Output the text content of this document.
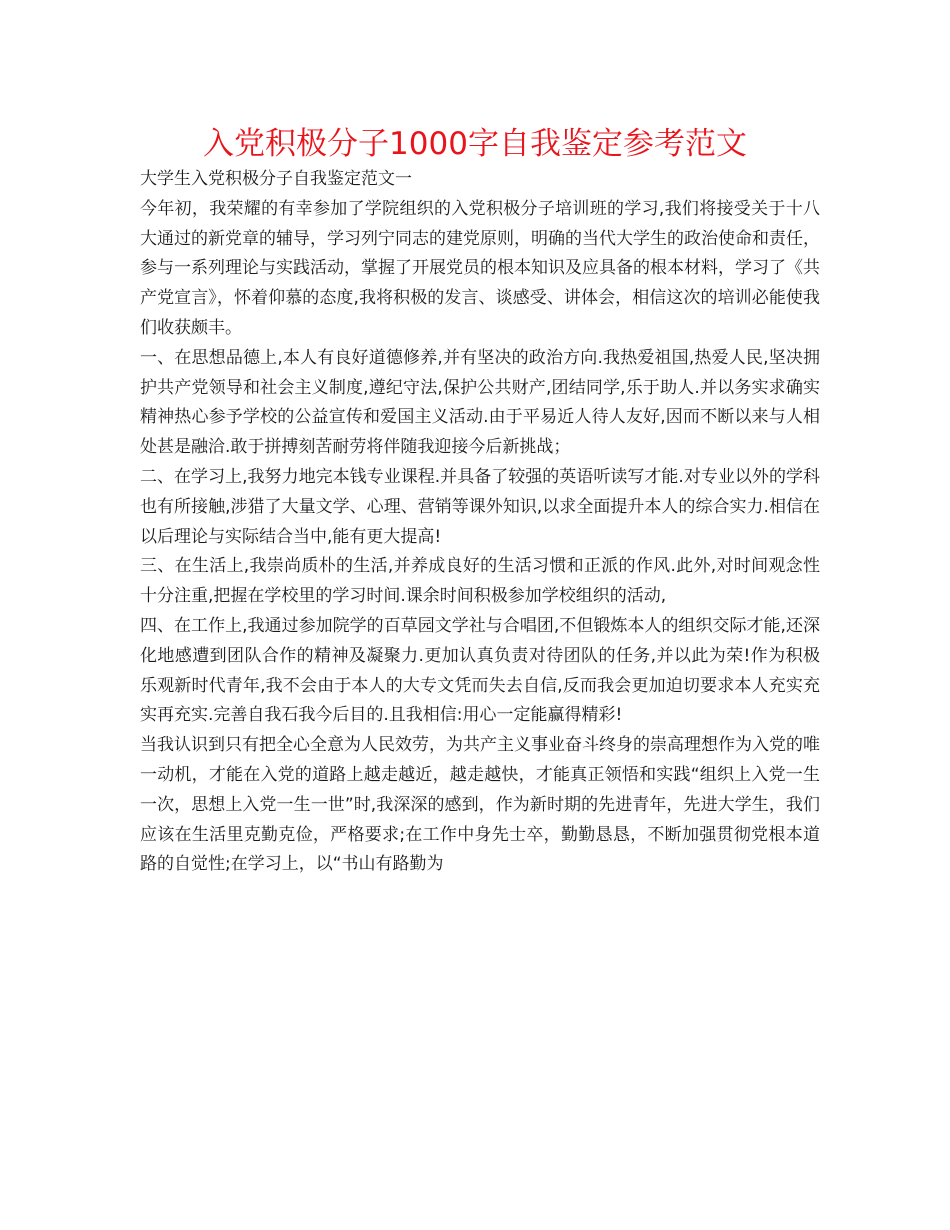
入党积极分子1000字自我鉴定参考范文

大学生入党积极分子自我鉴定范文一

今年初，我荣耀的有幸参加了学院组织的入党积极分子培训班的学习,我们将接受关于十八大通过的新党章的辅导，学习列宁同志的建党原则，明确的当代大学生的政治使命和责任，参与一系列理论与实践活动，掌握了开展党员的根本知识及应具备的根本材料，学习了《共产党宣言》，怀着仰慕的态度,我将积极的发言、谈感受、讲体会，相信这次的培训必能使我们收获颇丰。

一、在思想品德上,本人有良好道德修养,并有坚决的政治方向.我热爱祖国,热爱人民,坚决拥护共产党领导和社会主义制度,遵纪守法,保护公共财产,团结同学,乐于助人.并以务实求确实精神热心参予学校的公益宣传和爱国主义活动.由于平易近人待人友好,因而不断以来与人相处甚是融洽.敢于拼搏刻苦耐劳将伴随我迎接今后新挑战；

二、在学习上,我努力地完本钱专业课程.并具备了较强的英语听读写才能.对专业以外的学科也有所接触,涉猎了大量文学、心理、营销等课外知识,以求全面提升本人的综合实力.相信在以后理论与实际结合当中,能有更大提高!

三、在生活上,我崇尚质朴的生活,并养成良好的生活习惯和正派的作风.此外,对时间观念性十分注重,把握在学校里的学习时间.课余时间积极参加学校组织的活动,

四、在工作上,我通过参加院学的百草园文学社与合唱团,不但锻炼本人的组织交际才能,还深化地感遭到团队合作的精神及凝聚力.更加认真负责对待团队的任务,并以此为荣!作为积极乐观新时代青年,我不会由于本人的大专文凭而失去自信,反而我会更加迫切要求本人充实充实再充实.完善自我石我今后目的.且我相信:用心一定能赢得精彩!

当我认识到只有把全心全意为人民效劳，为共产主义事业奋斗终身的崇高理想作为入党的唯一动机，才能在入党的道路上越走越近，越走越快，才能真正领悟和实践“组织上入党一生一次，思想上入党一生一世”时,我深深的感到，作为新时期的先进青年，先进大学生，我们应该在生活里克勤克俭，严格要求;在工作中身先士卒，勤勤恳恳，不断加强贯彻党根本道路的自觉性;在学习上，以“书山有路勤为
